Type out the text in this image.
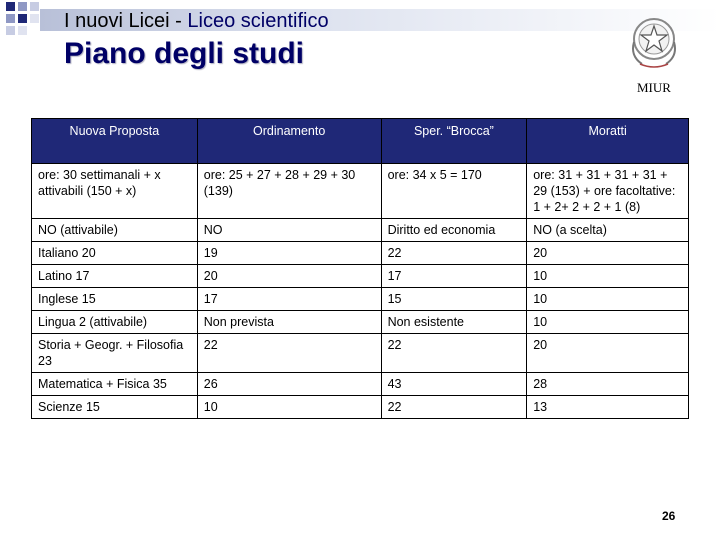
I nuovi Licei - Liceo scientifico
Piano degli studi
MIUR
Nuova Proposta	Ordinamento	Sper. “Brocca”	Moratti
ore: 30 settimanali + x attivabili (150 + x)	ore: 25 + 27 + 28 + 29 + 30 (139)	ore: 34 x 5 = 170	ore: 31 + 31 + 31 + 31 + 29 (153) + ore facoltative: 1 + 2+ 2 + 2 + 1 (8)
NO (attivabile)	NO	Diritto ed economia	NO (a scelta)
Italiano 20	19	22	20
Latino 17	20	17	10
Inglese 15	17	15	10
Lingua 2 (attivabile)	Non prevista	Non esistente	10
Storia + Geogr. + Filosofia 23	22	22	20
Matematica + Fisica 35	26	43	28
Scienze 15	10	22	13
26
